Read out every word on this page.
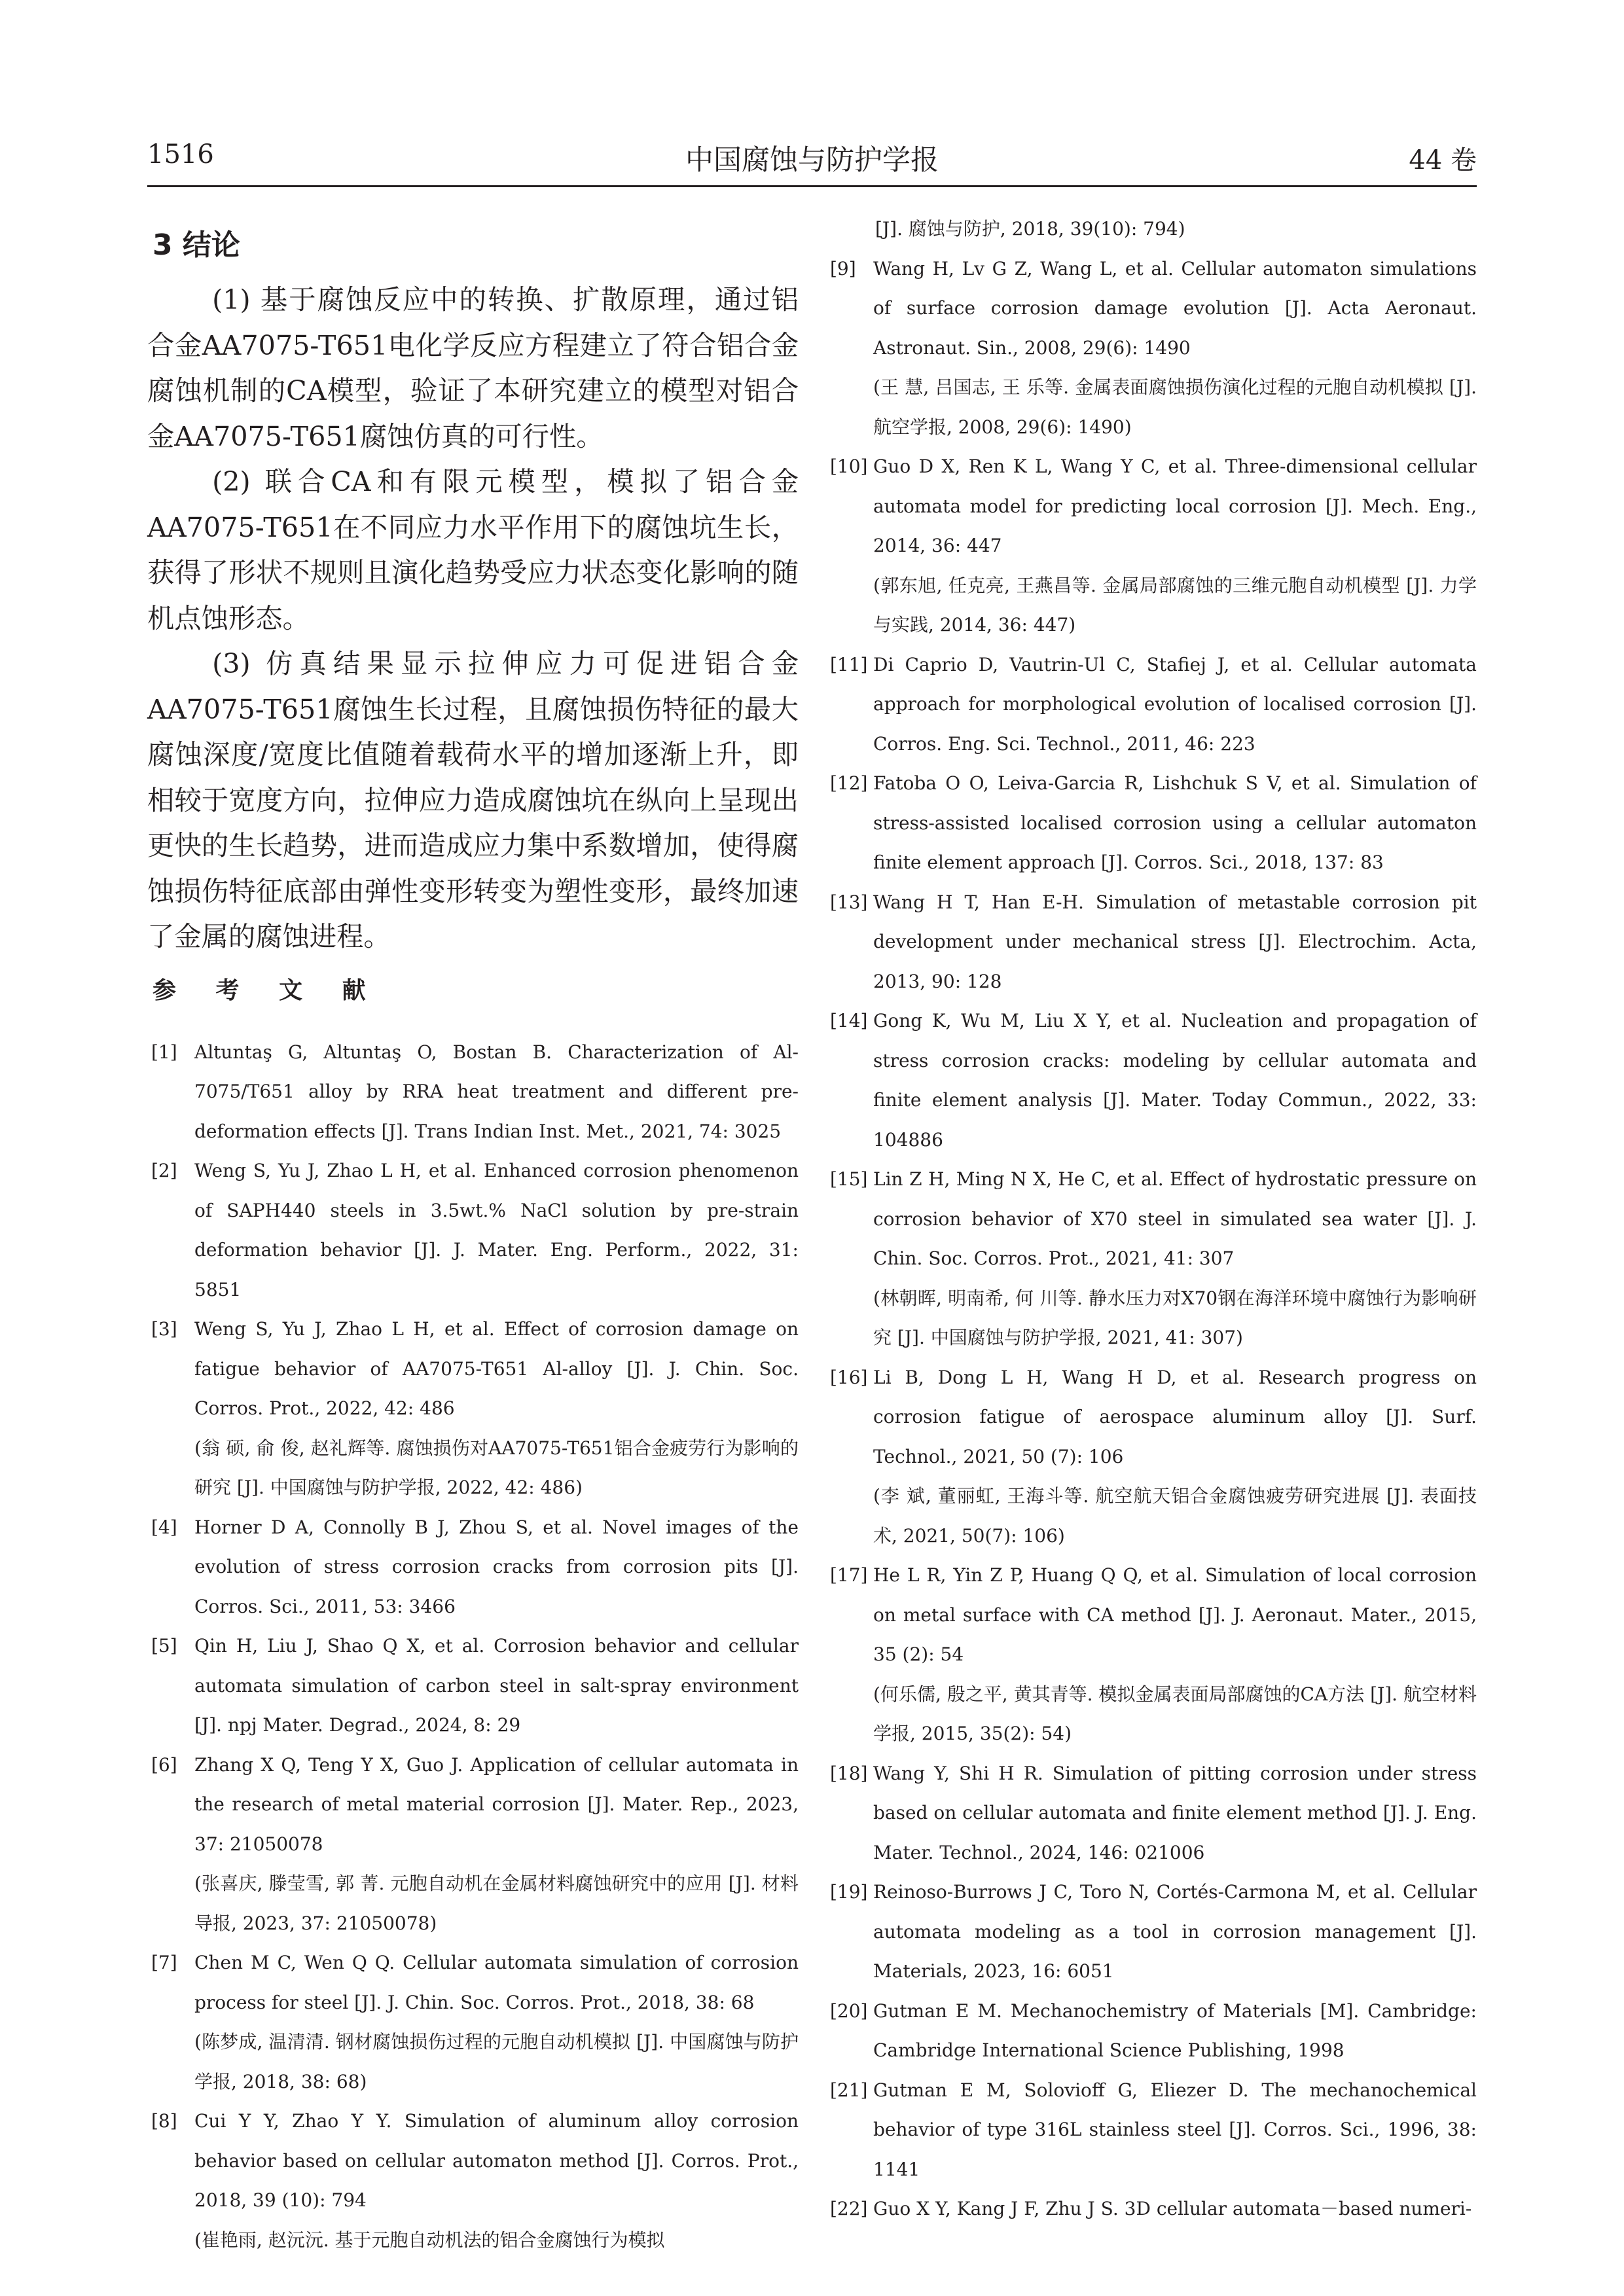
1516	中国腐蚀与防护学报	44 卷
3 结论

(1) 基于腐蚀反应中的转换、扩散原理，通过铝合金AA7075-T651电化学反应方程建立了符合铝合金腐蚀机制的CA模型，验证了本研究建立的模型对铝合金AA7075-T651腐蚀仿真的可行性。

(2) 联合CA和有限元模型，模拟了铝合金AA7075-T651在不同应力水平作用下的腐蚀坑生长，获得了形状不规则且演化趋势受应力状态变化影响的随机点蚀形态。

(3) 仿真结果显示拉伸应力可促进铝合金AA7075-T651腐蚀生长过程，且腐蚀损伤特征的最大腐蚀深度/宽度比值随着载荷水平的增加逐渐上升，即相较于宽度方向，拉伸应力造成腐蚀坑在纵向上呈现出更快的生长趋势，进而造成应力集中系数增加，使得腐蚀损伤特征底部由弹性变形转变为塑性变形，最终加速了金属的腐蚀进程。

参 考 文 献
[1] Altuntaş G, Altuntaş O, Bostan B. Characterization of Al-7075/T651 alloy by RRA heat treatment and different pre-deformation effects [J]. Trans Indian Inst. Met., 2021, 74: 3025
[2] Weng S, Yu J, Zhao L H, et al. Enhanced corrosion phenomenon of SAPH440 steels in 3.5wt.% NaCl solution by pre-strain deformation behavior [J]. J. Mater. Eng. Perform., 2022, 31: 5851
[3] Weng S, Yu J, Zhao L H, et al. Effect of corrosion damage on fatigue behavior of AA7075-T651 Al-alloy [J]. J. Chin. Soc. Corros. Prot., 2022, 42: 486
(翁 硕, 俞 俊, 赵礼辉等. 腐蚀损伤对AA7075-T651铝合金疲劳行为影响的研究 [J]. 中国腐蚀与防护学报, 2022, 42: 486)
[4] Horner D A, Connolly B J, Zhou S, et al. Novel images of the evolution of stress corrosion cracks from corrosion pits [J]. Corros. Sci., 2011, 53: 3466
[5] Qin H, Liu J, Shao Q X, et al. Corrosion behavior and cellular automata simulation of carbon steel in salt-spray environment [J]. npj Mater. Degrad., 2024, 8: 29
[6] Zhang X Q, Teng Y X, Guo J. Application of cellular automata in the research of metal material corrosion [J]. Mater. Rep., 2023, 37: 21050078
(张喜庆, 滕莹雪, 郭 菁. 元胞自动机在金属材料腐蚀研究中的应用 [J]. 材料导报, 2023, 37: 21050078)
[7] Chen M C, Wen Q Q. Cellular automata simulation of corrosion process for steel [J]. J. Chin. Soc. Corros. Prot., 2018, 38: 68
(陈梦成, 温清清. 钢材腐蚀损伤过程的元胞自动机模拟 [J]. 中国腐蚀与防护学报, 2018, 38: 68)
[8] Cui Y Y, Zhao Y Y. Simulation of aluminum alloy corrosion behavior based on cellular automaton method [J]. Corros. Prot., 2018, 39 (10): 794
(崔艳雨, 赵沅沅. 基于元胞自动机法的铝合金腐蚀行为模拟
[J]. 腐蚀与防护, 2018, 39(10): 794)
[9] Wang H, Lv G Z, Wang L, et al. Cellular automaton simulations of surface corrosion damage evolution [J]. Acta Aeronaut. Astronaut. Sin., 2008, 29(6): 1490
(王 慧, 吕国志, 王 乐等. 金属表面腐蚀损伤演化过程的元胞自动机模拟 [J]. 航空学报, 2008, 29(6): 1490)
[10] Guo D X, Ren K L, Wang Y C, et al. Three-dimensional cellular automata model for predicting local corrosion [J]. Mech. Eng., 2014, 36: 447
(郭东旭, 任克亮, 王燕昌等. 金属局部腐蚀的三维元胞自动机模型 [J]. 力学与实践, 2014, 36: 447)
[11] Di Caprio D, Vautrin-Ul C, Stafiej J, et al. Cellular automata approach for morphological evolution of localised corrosion [J]. Corros. Eng. Sci. Technol., 2011, 46: 223
[12] Fatoba O O, Leiva-Garcia R, Lishchuk S V, et al. Simulation of stress-assisted localised corrosion using a cellular automaton finite element approach [J]. Corros. Sci., 2018, 137: 83
[13] Wang H T, Han E-H. Simulation of metastable corrosion pit development under mechanical stress [J]. Electrochim. Acta, 2013, 90: 128
[14] Gong K, Wu M, Liu X Y, et al. Nucleation and propagation of stress corrosion cracks: modeling by cellular automata and finite element analysis [J]. Mater. Today Commun., 2022, 33: 104886
[15] Lin Z H, Ming N X, He C, et al. Effect of hydrostatic pressure on corrosion behavior of X70 steel in simulated sea water [J]. J. Chin. Soc. Corros. Prot., 2021, 41: 307
(林朝晖, 明南希, 何 川等. 静水压力对X70钢在海洋环境中腐蚀行为影响研究 [J]. 中国腐蚀与防护学报, 2021, 41: 307)
[16] Li B, Dong L H, Wang H D, et al. Research progress on corrosion fatigue of aerospace aluminum alloy [J]. Surf. Technol., 2021, 50 (7): 106
(李 斌, 董丽虹, 王海斗等. 航空航天铝合金腐蚀疲劳研究进展 [J]. 表面技术, 2021, 50(7): 106)
[17] He L R, Yin Z P, Huang Q Q, et al. Simulation of local corrosion on metal surface with CA method [J]. J. Aeronaut. Mater., 2015, 35 (2): 54
(何乐儒, 殷之平, 黄其青等. 模拟金属表面局部腐蚀的CA方法 [J]. 航空材料学报, 2015, 35(2): 54)
[18] Wang Y, Shi H R. Simulation of pitting corrosion under stress based on cellular automata and finite element method [J]. J. Eng. Mater. Technol., 2024, 146: 021006
[19] Reinoso-Burrows J C, Toro N, Cortés-Carmona M, et al. Cellular automata modeling as a tool in corrosion management [J]. Materials, 2023, 16: 6051
[20] Gutman E M. Mechanochemistry of Materials [M]. Cambridge: Cambridge International Science Publishing, 1998
[21] Gutman E M, Solovioff G, Eliezer D. The mechanochemical behavior of type 316L stainless steel [J]. Corros. Sci., 1996, 38: 1141
[22] Guo X Y, Kang J F, Zhu J S. 3D cellular automata－based numeri-
